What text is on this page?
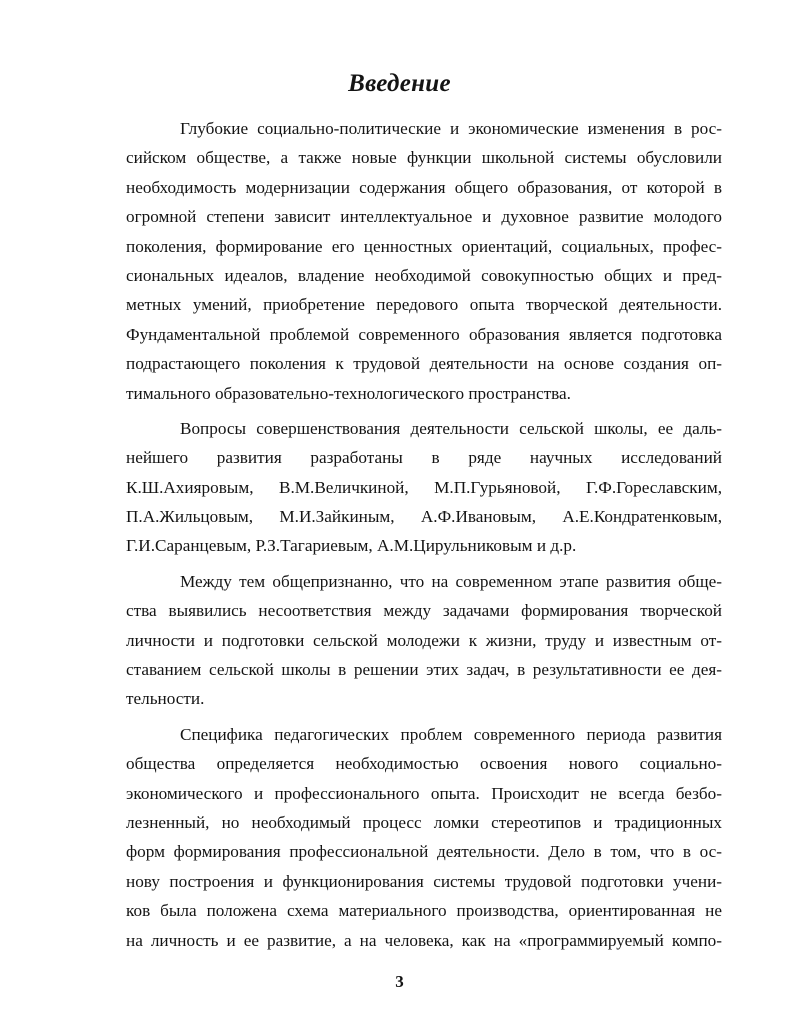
Введение
Глубокие социально-политические и экономические изменения в рос-
сийском обществе, а также новые функции школьной системы обусловили
необходимость модернизации содержания общего образования, от которой в
огромной степени зависит интеллектуальное и духовное развитие молодого
поколения, формирование его ценностных ориентаций, социальных, профес-
сиональных идеалов, владение необходимой совокупностью общих и пред-
метных умений, приобретение передового опыта творческой деятельности.
Фундаментальной проблемой современного образования является подготовка
подрастающего поколения к трудовой деятельности на основе создания оп-
тимального образовательно-технологического пространства.
Вопросы совершенствования деятельности сельской школы, ее даль-
нейшего развития разработаны в ряде научных исследований
К.Ш.Ахияровым, В.М.Величкиной, М.П.Гурьяновой, Г.Ф.Гореславским,
П.А.Жильцовым, М.И.Зайкиным, А.Ф.Ивановым, А.Е.Кондратенковым,
Г.И.Саранцевым, Р.З.Тагариевым, А.М.Цирульниковым и д.р.
Между тем общепризнанно, что на современном этапе развития обще-
ства выявились несоответствия между задачами формирования творческой
личности и подготовки сельской молодежи к жизни, труду и известным от-
ставанием сельской школы в решении этих задач, в результативности ее дея-
тельности.
Специфика педагогических проблем современного периода развития
общества определяется необходимостью освоения нового социально-
экономического и профессионального опыта. Происходит не всегда безбо-
лезненный, но необходимый процесс ломки стереотипов и традиционных
форм формирования профессиональной деятельности. Дело в том, что в ос-
нову построения и функционирования системы трудовой подготовки учени-
ков была положена схема материального производства, ориентированная не
на личность и ее развитие, а на человека, как на «программируемый компо-
3
